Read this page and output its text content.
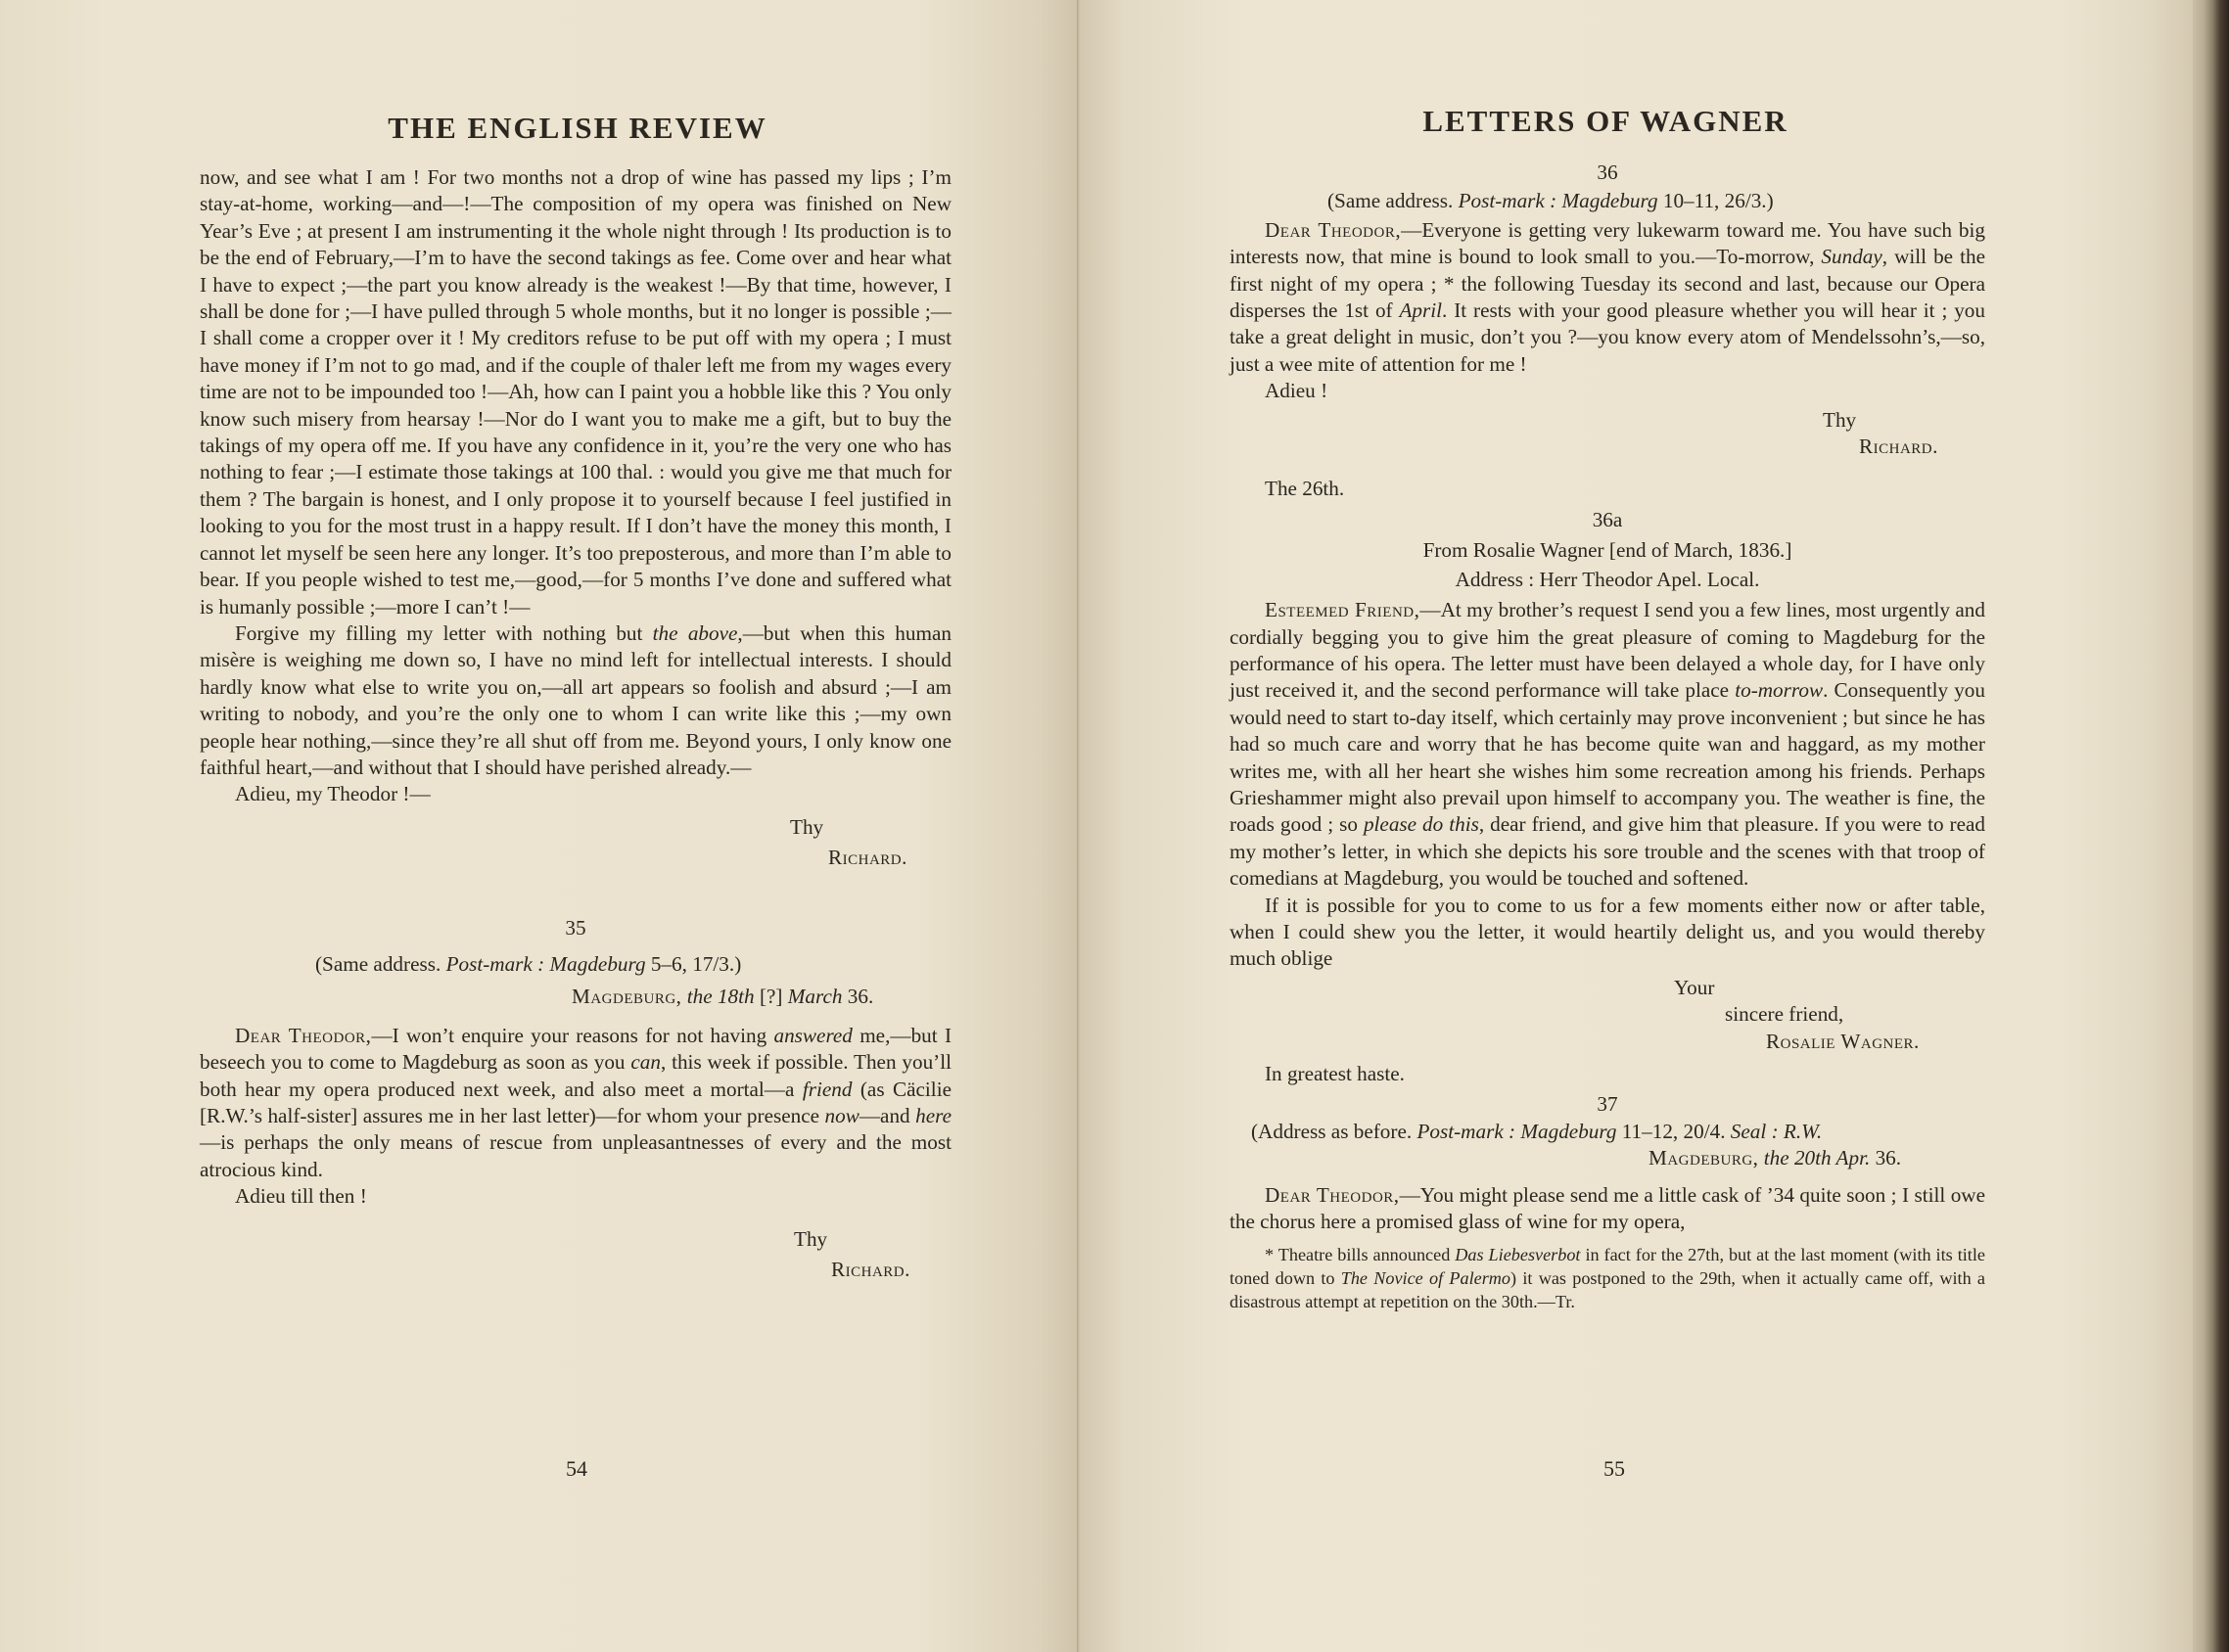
THE ENGLISH REVIEW

now, and see what I am ! For two months not a drop of wine has passed my lips ; I’m stay-at-home, working—and—!—The composition of my opera was finished on New Year’s Eve ; at present I am instrumenting it the whole night through ! Its production is to be the end of February,—I’m to have the second takings as fee. Come over and hear what I have to expect ;—the part you know already is the weakest !—By that time, however, I shall be done for ;—I have pulled through 5 whole months, but it no longer is possible ;—I shall come a cropper over it ! My creditors refuse to be put off with my opera ; I must have money if I’m not to go mad, and if the couple of thaler left me from my wages every time are not to be impounded too !—Ah, how can I paint you a hobble like this ? You only know such misery from hearsay !—Nor do I want you to make me a gift, but to buy the takings of my opera off me. If you have any confidence in it, you’re the very one who has nothing to fear ;—I estimate those takings at 100 thal. : would you give me that much for them ? The bargain is honest, and I only propose it to yourself because I feel justified in looking to you for the most trust in a happy result. If I don’t have the money this month, I cannot let myself be seen here any longer. It’s too preposterous, and more than I’m able to bear. If you people wished to test me,—good,—for 5 months I’ve done and suffered what is humanly possible ;—more I can’t !—

Forgive my filling my letter with nothing but the above,—but when this human misère is weighing me down so, I have no mind left for intellectual interests. I should hardly know what else to write you on,—all art appears so foolish and absurd ;—I am writing to nobody, and you’re the only one to whom I can write like this ;—my own people hear nothing,—since they’re all shut off from me. Beyond yours, I only know one faithful heart,—and without that I should have perished already.—

Adieu, my Theodor !—

Thy

Richard.

35

(Same address. Post-mark : Magdeburg 5–6, 17/3.)

Magdeburg, the 18th [?] March 36.

Dear Theodor,—I won’t enquire your reasons for not having answered me,—but I beseech you to come to Magdeburg as soon as you can, this week if possible. Then you’ll both hear my opera produced next week, and also meet a mortal—a friend (as Cäcilie [R.W.’s half-sister] assures me in her last letter)—for whom your presence now—and here—is perhaps the only means of rescue from unpleasantnesses of every and the most atrocious kind.

Adieu till then !

Thy

Richard.

54
LETTERS OF WAGNER

36

(Same address. Post-mark : Magdeburg 10–11, 26/3.)

Dear Theodor,—Everyone is getting very lukewarm toward me. You have such big interests now, that mine is bound to look small to you.—To-morrow, Sunday, will be the first night of my opera ; * the following Tuesday its second and last, because our Opera disperses the 1st of April. It rests with your good pleasure whether you will hear it ; you take a great delight in music, don’t you ?—you know every atom of Mendelssohn’s,—so, just a wee mite of attention for me !

Adieu !

Thy

Richard.

The 26th.

36a

From Rosalie Wagner [end of March, 1836.]

Address : Herr Theodor Apel. Local.

Esteemed Friend,—At my brother’s request I send you a few lines, most urgently and cordially begging you to give him the great pleasure of coming to Magdeburg for the performance of his opera. The letter must have been delayed a whole day, for I have only just received it, and the second performance will take place to-morrow. Consequently you would need to start to-day itself, which certainly may prove inconvenient ; but since he has had so much care and worry that he has become quite wan and haggard, as my mother writes me, with all her heart she wishes him some recreation among his friends. Perhaps Grieshammer might also prevail upon himself to accompany you. The weather is fine, the roads good ; so please do this, dear friend, and give him that pleasure. If you were to read my mother’s letter, in which she depicts his sore trouble and the scenes with that troop of comedians at Magdeburg, you would be touched and softened.

If it is possible for you to come to us for a few moments either now or after table, when I could shew you the letter, it would heartily delight us, and you would thereby much oblige

Your

sincere friend,

Rosalie Wagner.

In greatest haste.

37

(Address as before. Post-mark : Magdeburg 11–12, 20/4. Seal : R.W.

Magdeburg, the 20th Apr. 36.

Dear Theodor,—You might please send me a little cask of ’34 quite soon ; I still owe the chorus here a promised glass of wine for my opera,

* Theatre bills announced Das Liebesverbot in fact for the 27th, but at the last moment (with its title toned down to The Novice of Palermo) it was postponed to the 29th, when it actually came off, with a disastrous attempt at repetition on the 30th.—Tr.

55
